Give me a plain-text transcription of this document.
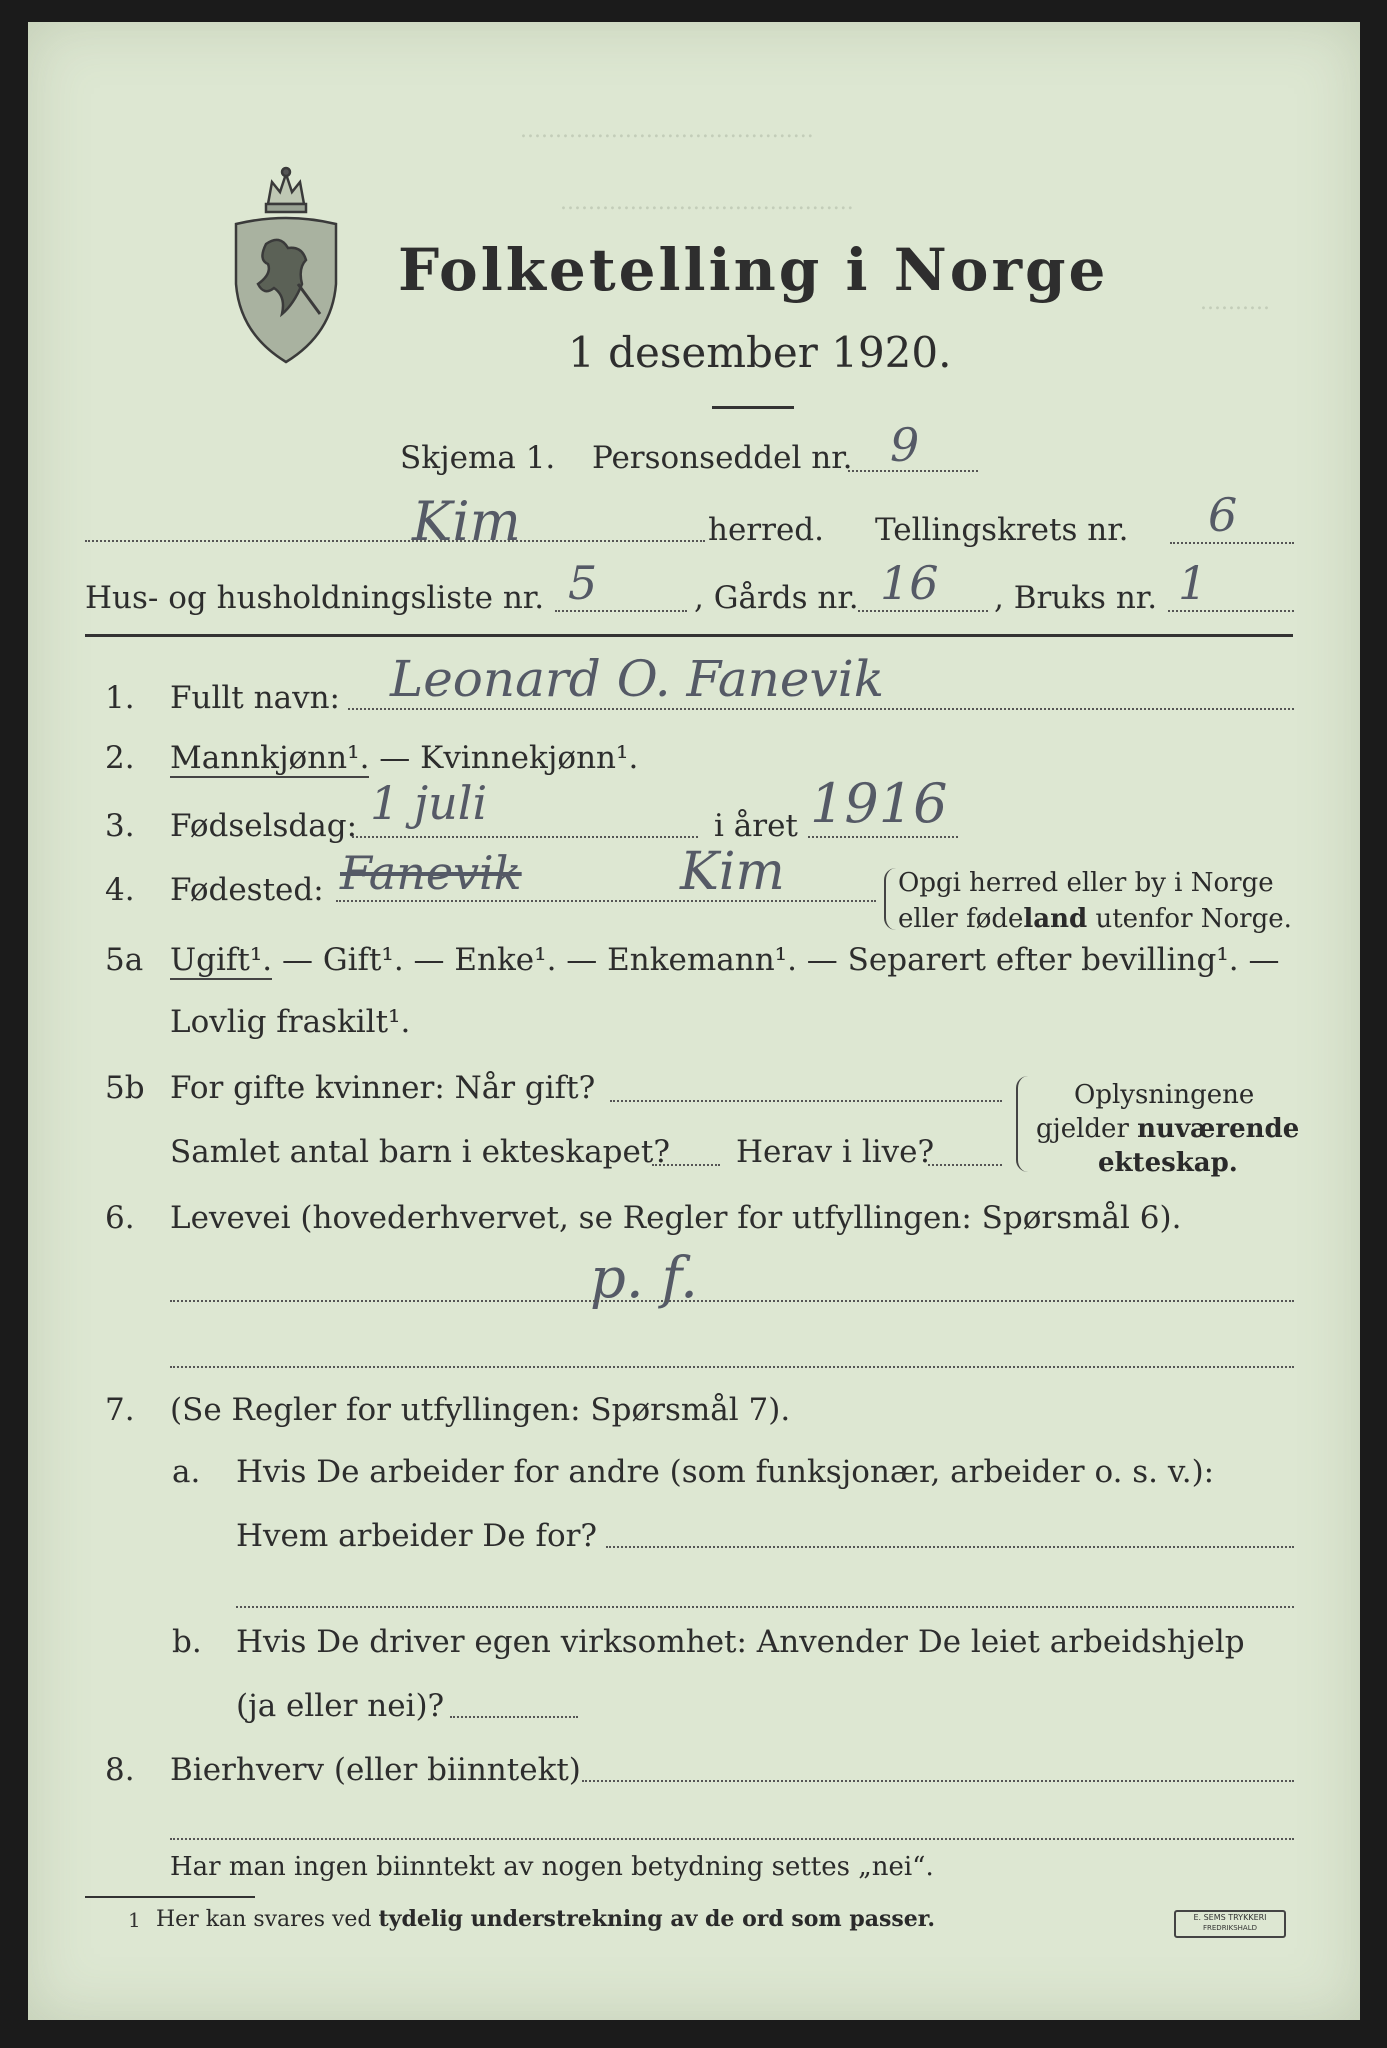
..........................................
..........................................
..........
Folketelling i Norge
1 desember 1920.
Skjema 1. Personseddel nr. 9
Kim	herred. Tellingskrets nr. 6
Hus- og husholdningsliste nr. 5	, Gårds nr. 16 , Bruks nr. 1
1. Fullt navn: Leonard O. Fanevik
2. Mannkjønn¹. — Kvinnekjønn¹.
3. Fødselsdag: 1 juli	i året 1916
4. Fødested: Fanevik	Kim	Opgi herred eller by i Norge
eller fødeland utenfor Norge.
5a Ugift¹. — Gift¹. — Enke¹. — Enkemann¹. — Separert efter bevilling¹. —
Lovlig fraskilt¹.
5b For gifte kvinner: Når gift?
Samlet antal barn i ekteskapet? Herav i live?
Oplysningene
gjelder nuværende
ekteskap.
6. Levevei (hovederhvervet, se Regler for utfyllingen: Spørsmål 6).
p. f.
7. (Se Regler for utfyllingen: Spørsmål 7).
a. Hvis De arbeider for andre (som funksjonær, arbeider o. s. v.):
Hvem arbeider De for?
b. Hvis De driver egen virksomhet: Anvender De leiet arbeidshjelp
(ja eller nei)?
8. Bierhverv (eller biinntekt)
Har man ingen biinntekt av nogen betydning settes „nei“.
1 Her kan svares ved tydelig understrekning av de ord som passer.	E. SEMS TRYKKERI
FREDRIKSHALD
